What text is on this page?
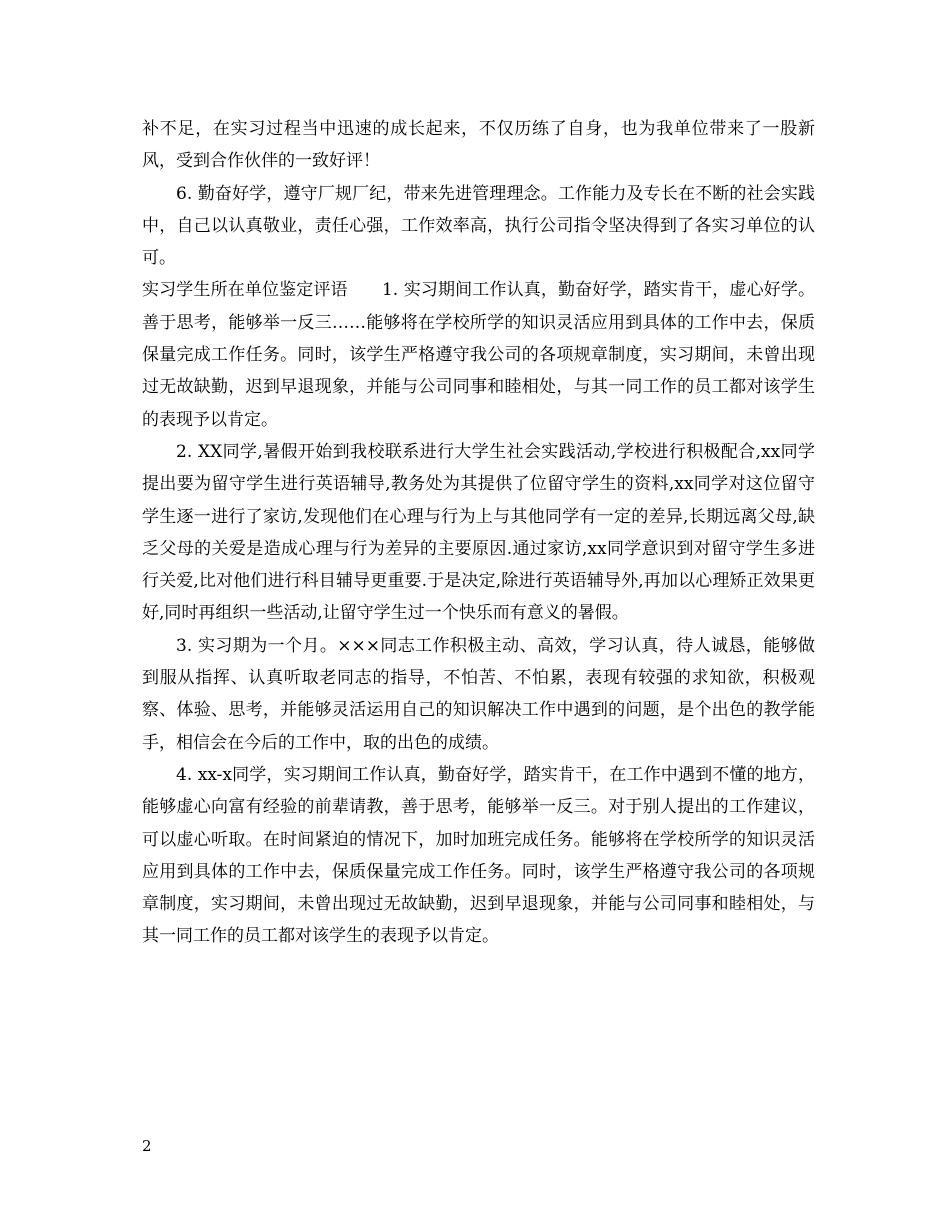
补不足，在实习过程当中迅速的成长起来，不仅历练了自身，也为我单位带来了一股新风，受到合作伙伴的一致好评！

6. 勤奋好学，遵守厂规厂纪，带来先进管理理念。工作能力及专长在不断的社会实践中，自己以认真敬业，责任心强，工作效率高，执行公司指令坚决得到了各实习单位的认可。

实习学生所在单位鉴定评语　　1. 实习期间工作认真，勤奋好学，踏实肯干，虚心好学。善于思考，能够举一反三……能够将在学校所学的知识灵活应用到具体的工作中去，保质保量完成工作任务。同时，该学生严格遵守我公司的各项规章制度，实习期间，未曾出现过无故缺勤，迟到早退现象，并能与公司同事和睦相处，与其一同工作的员工都对该学生的表现予以肯定。

2. XX同学,暑假开始到我校联系进行大学生社会实践活动,学校进行积极配合,xx同学提出要为留守学生进行英语辅导,教务处为其提供了位留守学生的资料,xx同学对这位留守学生逐一进行了家访,发现他们在心理与行为上与其他同学有一定的差异,长期远离父母,缺乏父母的关爱是造成心理与行为差异的主要原因.通过家访,xx同学意识到对留守学生多进行关爱,比对他们进行科目辅导更重要.于是决定,除进行英语辅导外,再加以心理矫正效果更好,同时再组织一些活动,让留守学生过一个快乐而有意义的暑假。

3. 实习期为一个月。×××同志工作积极主动、高效，学习认真，待人诚恳，能够做到服从指挥、认真听取老同志的指导，不怕苦、不怕累，表现有较强的求知欲，积极观察、体验、思考，并能够灵活运用自己的知识解决工作中遇到的问题，是个出色的教学能手，相信会在今后的工作中，取的出色的成绩。

4. xx-x同学，实习期间工作认真，勤奋好学，踏实肯干，在工作中遇到不懂的地方，能够虚心向富有经验的前辈请教，善于思考，能够举一反三。对于别人提出的工作建议，可以虚心听取。在时间紧迫的情况下，加时加班完成任务。能够将在学校所学的知识灵活应用到具体的工作中去，保质保量完成工作任务。同时，该学生严格遵守我公司的各项规章制度，实习期间，未曾出现过无故缺勤，迟到早退现象，并能与公司同事和睦相处，与其一同工作的员工都对该学生的表现予以肯定。

2
